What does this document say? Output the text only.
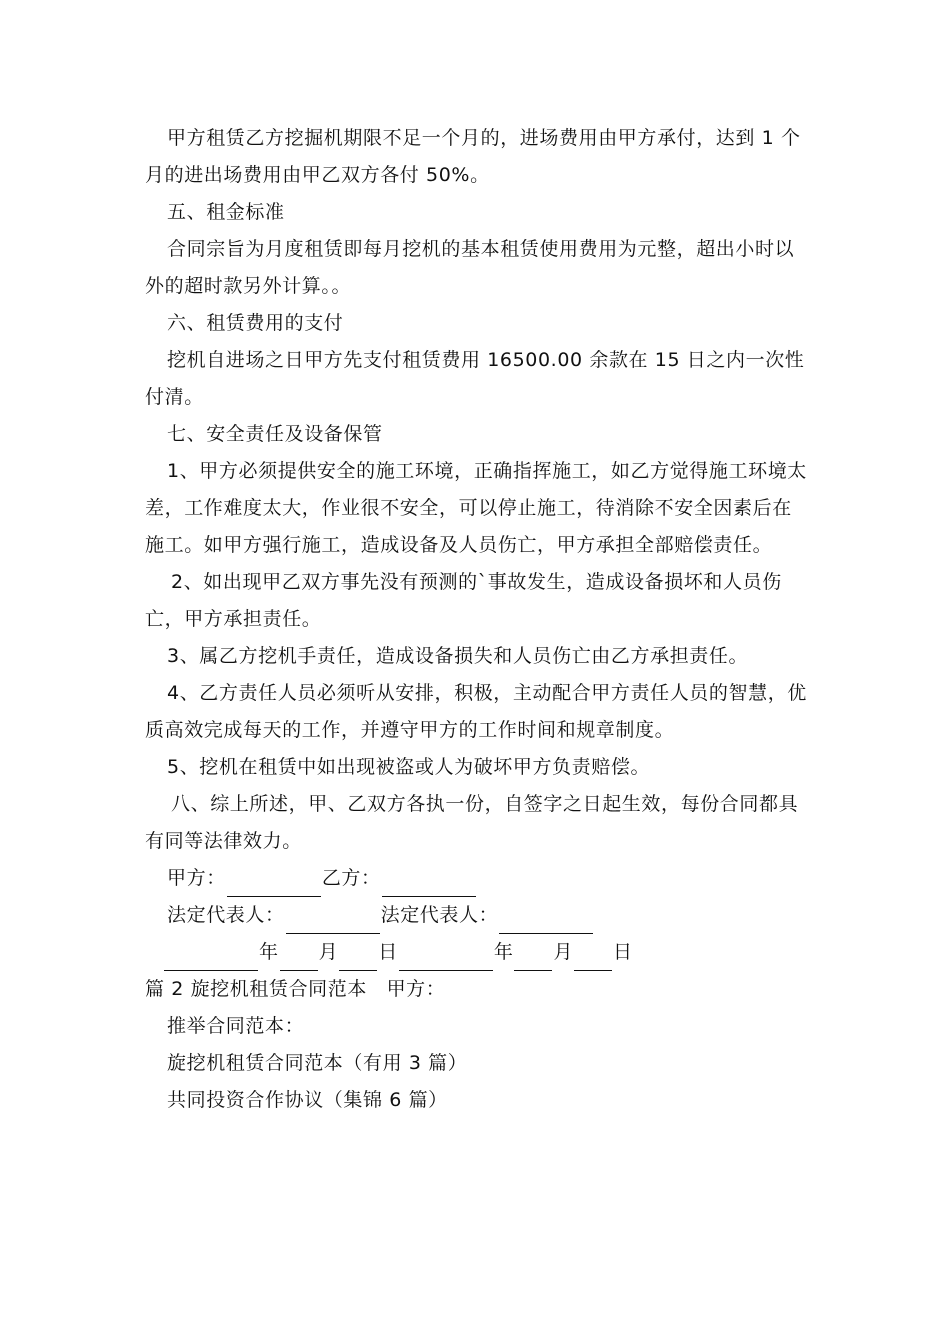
甲方租赁乙方挖掘机期限不足一个月的，进场费用由甲方承付，达到 1 个月的进出场费用由甲乙双方各付 50%。

五、租金标准

合同宗旨为月度租赁即每月挖机的基本租赁使用费用为元整，超出小时以外的超时款另外计算。。

六、租赁费用的支付

挖机自进场之日甲方先支付租赁费用 16500.00 余款在 15 日之内一次性付清。

七、安全责任及设备保管

1、甲方必须提供安全的施工环境，正确指挥施工，如乙方觉得施工环境太差，工作难度太大，作业很不安全，可以停止施工，待消除不安全因素后在施工。如甲方强行施工，造成设备及人员伤亡，甲方承担全部赔偿责任。

2、如出现甲乙双方事先没有预测的`事故发生，造成设备损坏和人员伤亡，甲方承担责任。

3、属乙方挖机手责任，造成设备损失和人员伤亡由乙方承担责任。

4、乙方责任人员必须听从安排，积极，主动配合甲方责任人员的智慧，优质高效完成每天的工作，并遵守甲方的工作时间和规章制度。

5、挖机在租赁中如出现被盗或人为破坏甲方负责赔偿。

八、综上所述，甲、乙双方各执一份，自签字之日起生效，每份合同都具有同等法律效力。

甲方：	乙方：

法定代表人：	法定代表人：

年 月 日	年 月 日

篇 2 旋挖机租赁合同范本　甲方：

推举合同范本：

旋挖机租赁合同范本（有用 3 篇）

共同投资合作协议（集锦 6 篇）
